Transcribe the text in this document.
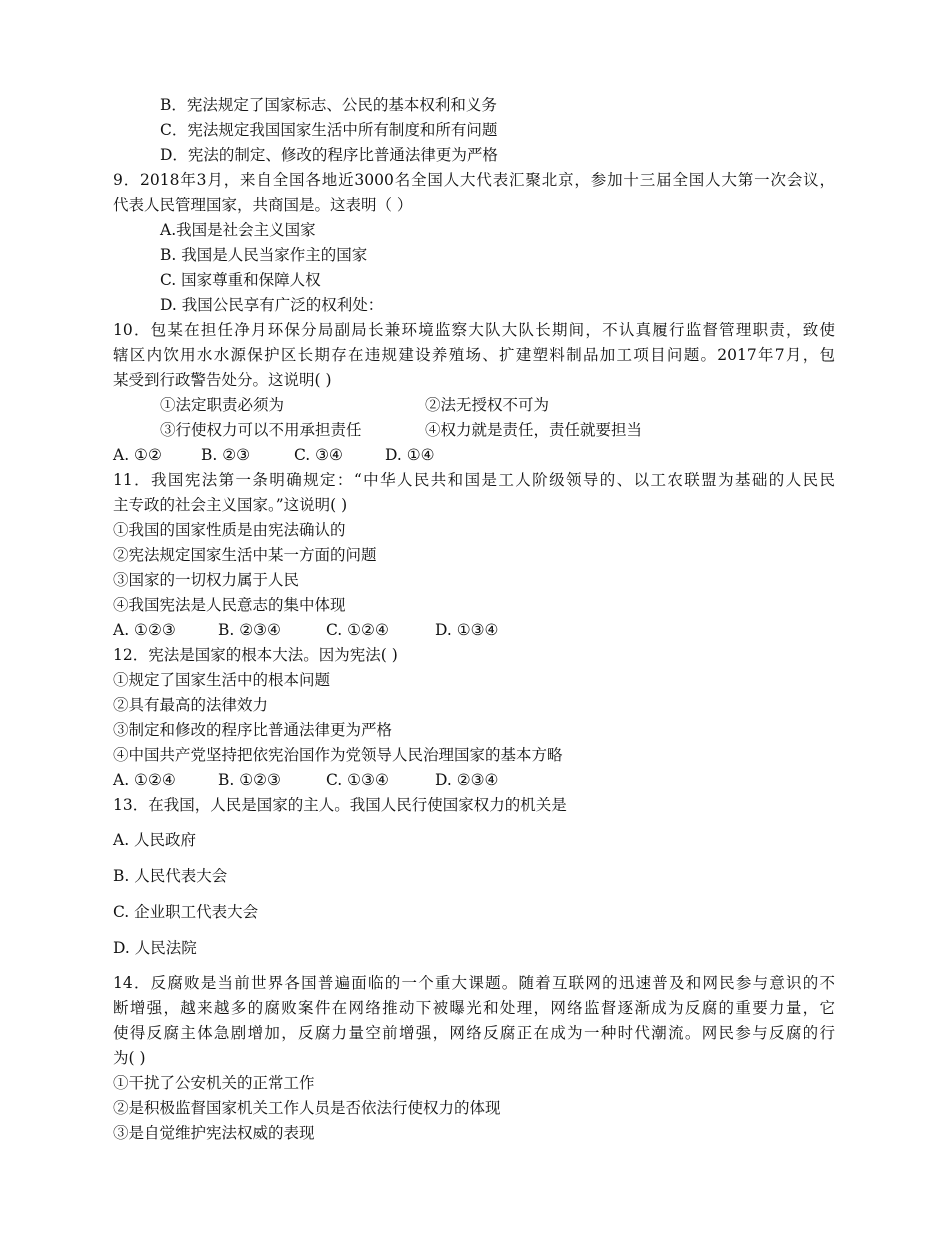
B．宪法规定了国家标志、公民的基本权利和义务
C．宪法规定我国国家生活中所有制度和所有问题
D．宪法的制定、修改的程序比普通法律更为严格
9．2018年3月，来自全国各地近3000名全国人大代表汇聚北京，参加十三届全国人大第一次会议，
代表人民管理国家，共商国是。这表明（ ）
A.我国是社会主义国家
B. 我国是人民当家作主的国家
C. 国家尊重和保障人权
D. 我国公民享有广泛的权利处：
10．包某在担任净月环保分局副局长兼环境监察大队大队长期间，不认真履行监督管理职责，致使
辖区内饮用水水源保护区长期存在违规建设养殖场、扩建塑料制品加工项目问题。2017年7月，包
某受到行政警告处分。这说明( )
①法定职责必须为	②法无授权不可为
③行使权力可以不用承担责任	④权力就是责任，责任就要担当
A. ①②	B. ②③	C. ③④	D. ①④
11．我国宪法第一条明确规定：“中华人民共和国是工人阶级领导的、以工农联盟为基础的人民民
主专政的社会主义国家。”这说明( )
①我国的国家性质是由宪法确认的
②宪法规定国家生活中某一方面的问题
③国家的一切权力属于人民
④我国宪法是人民意志的集中体现
A. ①②③	B. ②③④	C. ①②④	D. ①③④
12．宪法是国家的根本大法。因为宪法( )
①规定了国家生活中的根本问题
②具有最高的法律效力
③制定和修改的程序比普通法律更为严格
④中国共产党坚持把依宪治国作为党领导人民治理国家的基本方略
A. ①②④	B. ①②③	C. ①③④	D. ②③④
13．在我国，人民是国家的主人。我国人民行使国家权力的机关是
A. 人民政府
B. 人民代表大会
C. 企业职工代表大会
D. 人民法院
14．反腐败是当前世界各国普遍面临的一个重大课题。随着互联网的迅速普及和网民参与意识的不
断增强，越来越多的腐败案件在网络推动下被曝光和处理，网络监督逐渐成为反腐的重要力量，它
使得反腐主体急剧增加，反腐力量空前增强，网络反腐正在成为一种时代潮流。网民参与反腐的行
为( )
①干扰了公安机关的正常工作
②是积极监督国家机关工作人员是否依法行使权力的体现
③是自觉维护宪法权威的表现
